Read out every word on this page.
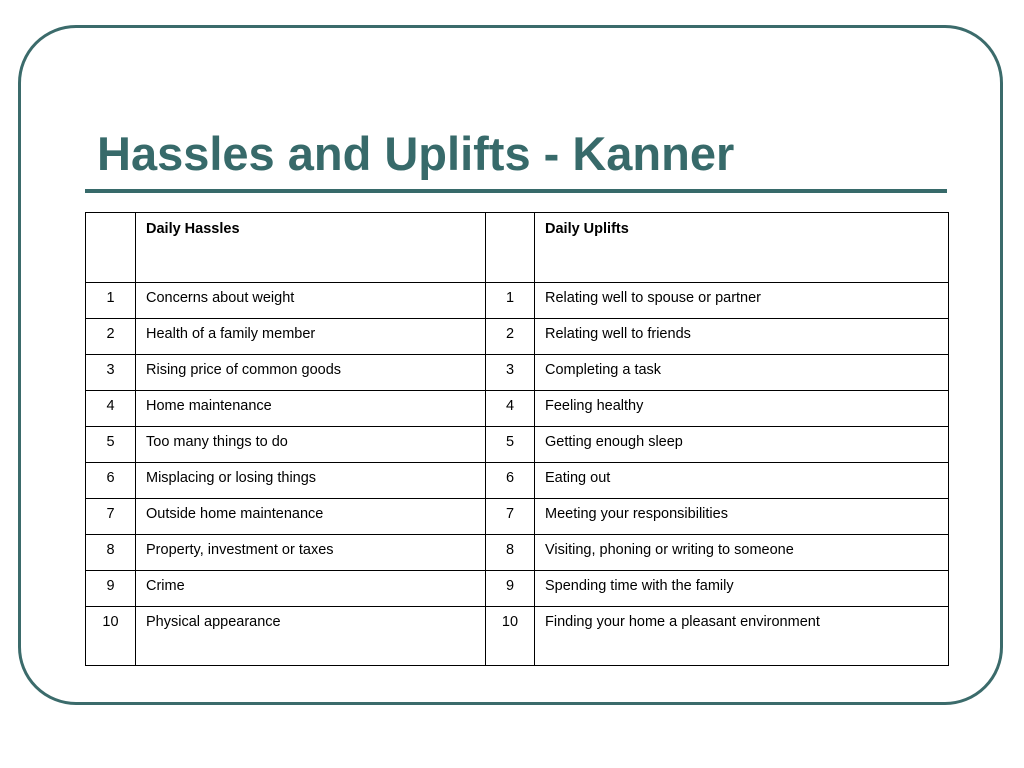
Hassles and Uplifts - Kanner
	Daily Hassles		Daily Uplifts
1	Concerns about weight	1	Relating well to spouse or partner
2	Health of a family member	2	Relating well to friends
3	Rising price of common goods	3	Completing a task
4	Home maintenance	4	Feeling healthy
5	Too many things to do	5	Getting enough sleep
6	Misplacing or losing things	6	Eating out
7	Outside home maintenance	7	Meeting your responsibilities
8	Property, investment or taxes	8	Visiting, phoning or writing to someone
9	Crime	9	Spending time with the family
10	Physical appearance	10	Finding your home a pleasant environment
